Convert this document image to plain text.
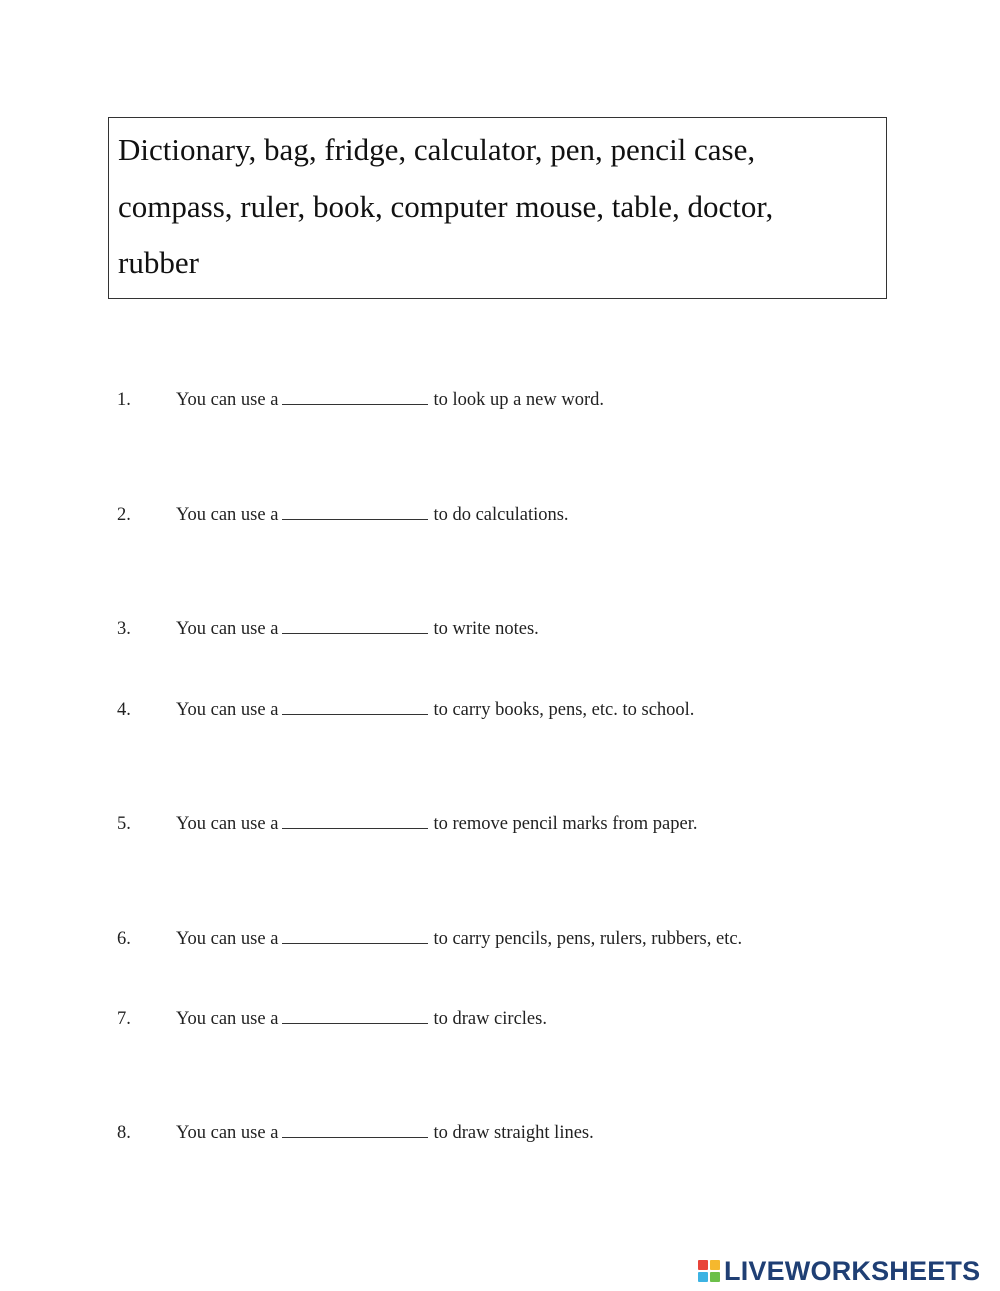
Dictionary, bag, fridge, calculator, pen, pencil case,
compass, ruler, book, computer mouse, table, doctor,
rubber
1. You can use a	to look up a new word.
2. You can use a	to do calculations.
3. You can use a	to write notes.
4. You can use a	to carry books, pens, etc. to school.
5. You can use a	to remove pencil marks from paper.
6. You can use a	to carry pencils, pens, rulers, rubbers, etc.
7. You can use a	to draw circles.
8. You can use a	to draw straight lines.
LIVEWORKSHEETS
